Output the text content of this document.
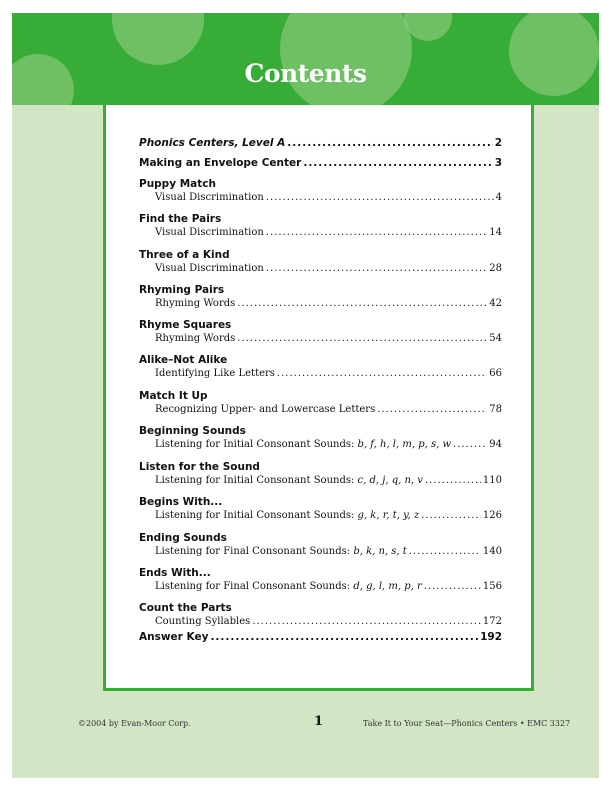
Contents
Phonics Centers, Level A .....	2
Making an Envelope Center .....	3
Puppy Match
Visual Discrimination .....	4
Find the Pairs
Visual Discrimination .....	14
Three of a Kind
Visual Discrimination .....	28
Rhyming Pairs
Rhyming Words .....	42
Rhyme Squares
Rhyming Words .....	54
Alike–Not Alike
Identifying Like Letters .....	66
Match It Up
Recognizing Upper- and Lowercase Letters .....	78
Beginning Sounds
Listening for Initial Consonant Sounds:
b, f, h, l, m, p, s, w .....	94
Listen for the Sound
Listening for Initial Consonant Sounds:
c, d, j, q, n, v .....	110
Begins With...
Listening for Initial Consonant Sounds:
g, k, r, t, y, z .....	126
Ending Sounds
Listening for Final Consonant Sounds:
b, k, n, s, t .....	140
Ends With...
Listening for Final Consonant Sounds:
d, g, l, m, p, r .....	156
Count the Parts
Counting Syllables .....	172
Answer Key .....	192
©2004 by Evan-Moor Corp.	1	Take It to Your Seat—Phonics Centers • EMC 3327
